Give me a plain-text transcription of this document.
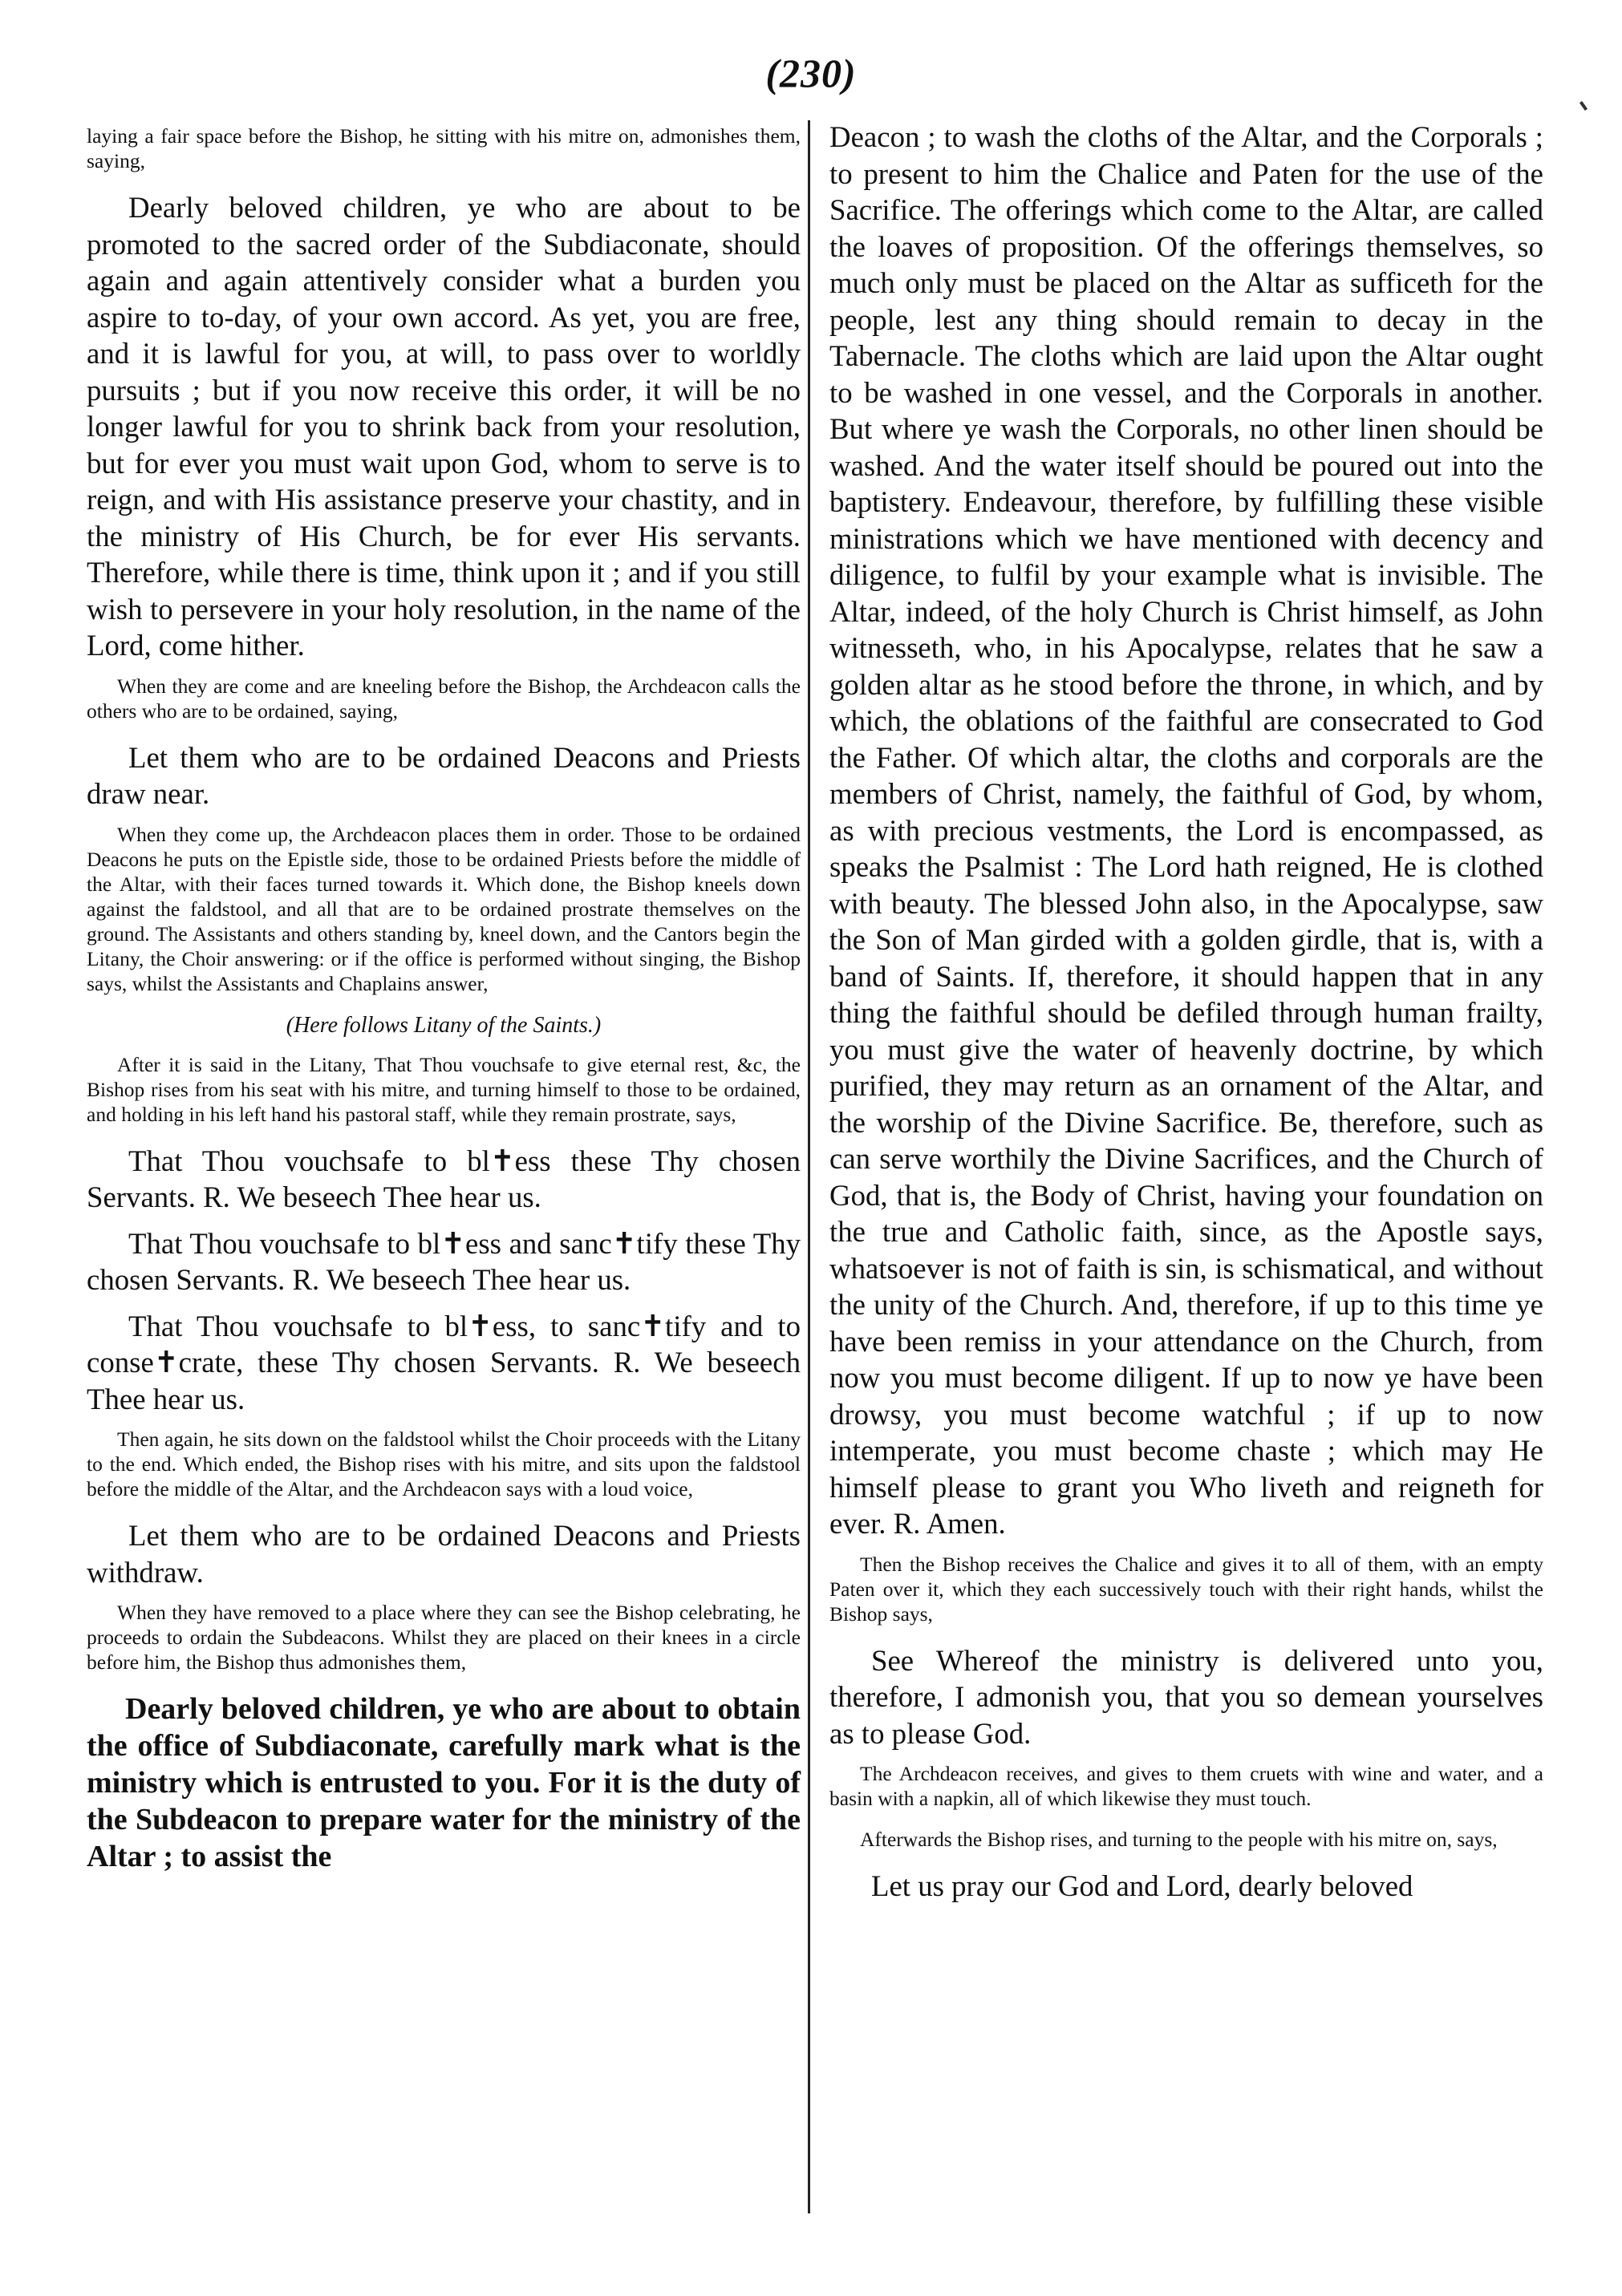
(230)

laying a fair space before the Bishop, he sitting with his mitre on, admonishes them, saying,

Dearly beloved children, ye who are about to be promoted to the sacred order of the Subdiaconate, should again and again attentively consider what a burden you aspire to to-day, of your own accord. As yet, you are free, and it is lawful for you, at will, to pass over to worldly pursuits ; but if you now receive this order, it will be no longer lawful for you to shrink back from your resolution, but for ever you must wait upon God, whom to serve is to reign, and with His assistance preserve your chastity, and in the ministry of His Church, be for ever His servants. Therefore, while there is time, think upon it ; and if you still wish to persevere in your holy resolution, in the name of the Lord, come hither.

When they are come and are kneeling before the Bishop, the Archdeacon calls the others who are to be ordained, saying,

Let them who are to be ordained Deacons and Priests draw near.

When they come up, the Archdeacon places them in order. Those to be ordained Deacons he puts on the Epistle side, those to be ordained Priests before the middle of the Altar, with their faces turned towards it. Which done, the Bishop kneels down against the faldstool, and all that are to be ordained prostrate themselves on the ground. The Assistants and others standing by, kneel down, and the Cantors begin the Litany, the Choir answering: or if the office is performed without singing, the Bishop says, whilst the Assistants and Chaplains answer,

(Here follows Litany of the Saints.)

After it is said in the Litany, That Thou vouchsafe to give eternal rest, &c, the Bishop rises from his seat with his mitre, and turning himself to those to be ordained, and holding in his left hand his pastoral staff, while they remain prostrate, says,

That Thou vouchsafe to bl✝ess these Thy chosen Servants. R. We beseech Thee hear us.

That Thou vouchsafe to bl✝ess and sanc✝tify these Thy chosen Servants. R. We beseech Thee hear us.

That Thou vouchsafe to bl✝ess, to sanc✝tify and to conse✝crate, these Thy chosen Servants. R. We beseech Thee hear us.

Then again, he sits down on the faldstool whilst the Choir proceeds with the Litany to the end. Which ended, the Bishop rises with his mitre, and sits upon the faldstool before the middle of the Altar, and the Archdeacon says with a loud voice,

Let them who are to be ordained Deacons and Priests withdraw.

When they have removed to a place where they can see the Bishop celebrating, he proceeds to ordain the Subdeacons. Whilst they are placed on their knees in a circle before him, the Bishop thus admonishes them,

Dearly beloved children, ye who are about to obtain the office of Subdiaconate, carefully mark what is the ministry which is entrusted to you. For it is the duty of the Subdeacon to prepare water for the ministry of the Altar ; to assist the

Deacon ; to wash the cloths of the Altar, and the Corporals ; to present to him the Chalice and Paten for the use of the Sacrifice. The offerings which come to the Altar, are called the loaves of proposition. Of the offerings themselves, so much only must be placed on the Altar as sufficeth for the people, lest any thing should remain to decay in the Tabernacle. The cloths which are laid upon the Altar ought to be washed in one vessel, and the Corporals in another. But where ye wash the Corporals, no other linen should be washed. And the water itself should be poured out into the baptistery. Endeavour, therefore, by fulfilling these visible ministrations which we have mentioned with decency and diligence, to fulfil by your example what is invisible. The Altar, indeed, of the holy Church is Christ himself, as John witnesseth, who, in his Apocalypse, relates that he saw a golden altar as he stood before the throne, in which, and by which, the oblations of the faithful are consecrated to God the Father. Of which altar, the cloths and corporals are the members of Christ, namely, the faithful of God, by whom, as with precious vestments, the Lord is encompassed, as speaks the Psalmist : The Lord hath reigned, He is clothed with beauty. The blessed John also, in the Apocalypse, saw the Son of Man girded with a golden girdle, that is, with a band of Saints. If, therefore, it should happen that in any thing the faithful should be defiled through human frailty, you must give the water of heavenly doctrine, by which purified, they may return as an ornament of the Altar, and the worship of the Divine Sacrifice. Be, therefore, such as can serve worthily the Divine Sacrifices, and the Church of God, that is, the Body of Christ, having your foundation on the true and Catholic faith, since, as the Apostle says, whatsoever is not of faith is sin, is schismatical, and without the unity of the Church. And, therefore, if up to this time ye have been remiss in your attendance on the Church, from now you must become diligent. If up to now ye have been drowsy, you must become watchful ; if up to now intemperate, you must become chaste ; which may He himself please to grant you Who liveth and reigneth for ever. R. Amen.

Then the Bishop receives the Chalice and gives it to all of them, with an empty Paten over it, which they each successively touch with their right hands, whilst the Bishop says,

See Whereof the ministry is delivered unto you, therefore, I admonish you, that you so demean yourselves as to please God.

The Archdeacon receives, and gives to them cruets with wine and water, and a basin with a napkin, all of which likewise they must touch.

Afterwards the Bishop rises, and turning to the people with his mitre on, says,

Let us pray our God and Lord, dearly beloved
